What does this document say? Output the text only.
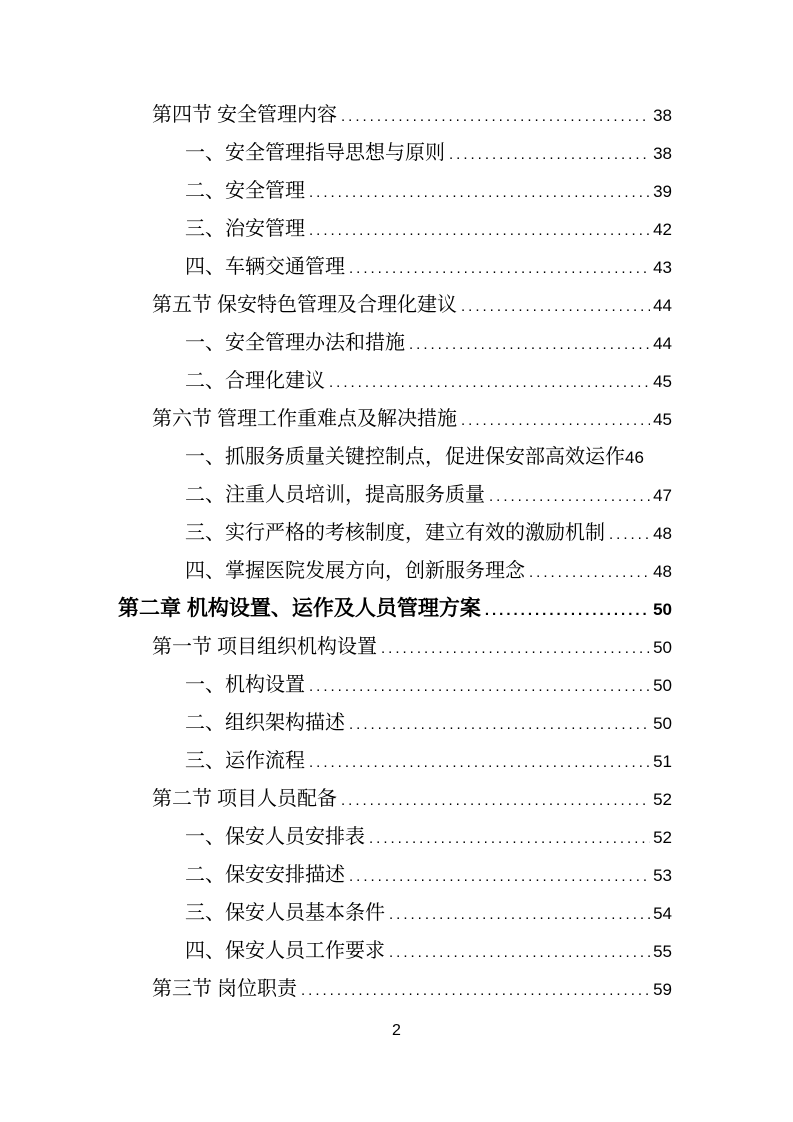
第四节 安全管理内容 .....	38
一、安全管理指导思想与原则 .....	38
二、安全管理 .....	39
三、治安管理 .....	42
四、车辆交通管理 .....	43
第五节 保安特色管理及合理化建议 .....	44
一、安全管理办法和措施 .....	44
二、合理化建议 .....	45
第六节 管理工作重难点及解决措施 .....	45
一、抓服务质量关键控制点，促进保安部高效运作 46
二、注重人员培训，提高服务质量 .....	47
三、实行严格的考核制度，建立有效的激励机制 .....	48
四、掌握医院发展方向，创新服务理念 .....	48
第二章 机构设置、运作及人员管理方案 .....	50
第一节 项目组织机构设置 .....	50
一、机构设置 .....	50
二、组织架构描述 .....	50
三、运作流程 .....	51
第二节 项目人员配备 .....	52
一、保安人员安排表 .....	52
二、保安安排描述 .....	53
三、保安人员基本条件 .....	54
四、保安人员工作要求 .....	55
第三节 岗位职责 .....	59
2
